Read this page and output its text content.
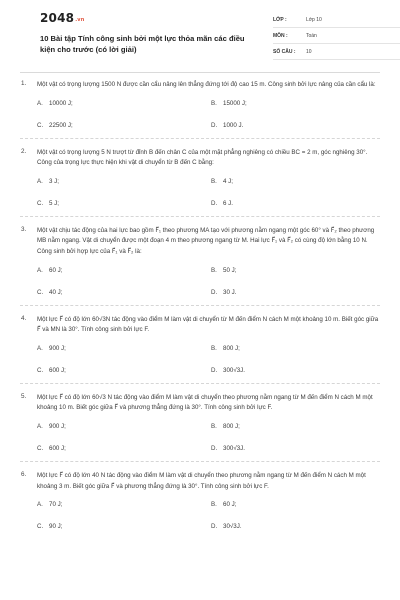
2048.vn
10 Bài tập Tính công sinh bởi một lực thỏa mãn các điều kiện cho trước (có lời giải)
LỚP :	Lớp 10
MÔN :	Toán
SỐ CÂU :	10
1. Một vật có trọng lượng 1500 N được cần cẩu nâng lên thẳng đứng tới độ cao 15 m. Công sinh bởi lực nâng của cần cẩu là:
A. 10000 J;	B. 15000 J;
C. 22500 J;	D. 1000 J.
2. Một vật có trọng lượng 5 N trượt từ đỉnh B đến chân C của một mặt phẳng nghiêng có chiều BC = 2 m, góc nghiêng 30°. Công của trọng lực thực hiện khi vật di chuyển từ B đến C bằng:
A. 3 J;	B. 4 J;
C. 5 J;	D. 6 J.
3. Một vật chịu tác động của hai lực bao gồm F⃗₁ theo phương MA tạo với phương nằm ngang một góc 60° và F⃗₂ theo phương MB nằm ngang. Vật di chuyển được một đoạn 4 m theo phương ngang từ M. Hai lực F⃗₁ và F⃗₂ có cùng độ lớn bằng 10 N. Công sinh bởi hợp lực của F⃗₁ và F⃗₂ là:
A. 60 J;	B. 50 J;
C. 40 J;	D. 30 J.
4. Một lực F⃗ có độ lớn 60√3N tác động vào điểm M làm vật di chuyển từ M đến điểm N cách M một khoảng 10 m. Biết góc giữa F⃗ và MN là 30°. Tính công sinh bởi lực F.
A. 900 J;	B. 800 J;
C. 600 J;	D. 300√3J.
5. Một lực F⃗ có độ lớn 60√3 N tác động vào điểm M làm vật di chuyển theo phương nằm ngang từ M đến điểm N cách M một khoảng 10 m. Biết góc giữa F⃗ và phương thẳng đứng là 30°. Tính công sinh bởi lực F.
A. 900 J;	B. 800 J;
C. 600 J;	D. 300√3J.
6. Một lực F⃗ có độ lớn 40 N tác động vào điểm M làm vật di chuyển theo phương nằm ngang từ M đến điểm N cách M một khoảng 3 m. Biết góc giữa F⃗ và phương thẳng đứng là 30°. Tính công sinh bởi lực F.
A. 70 J;	B. 60 J;
C. 90 J;	D. 30√3J.
